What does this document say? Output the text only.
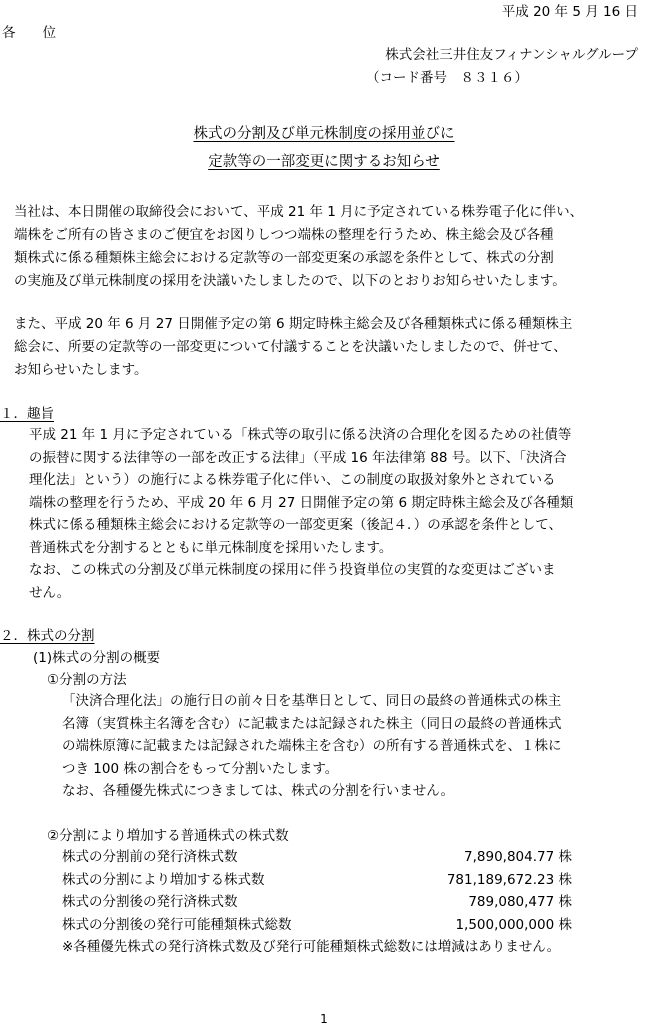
平成 20 年 5 月 16 日
各　　位
株式会社三井住友フィナンシャルグループ
（コード番号　８３１６）
株式の分割及び単元株制度の採用並びに
定款等の一部変更に関するお知らせ
当社は、本日開催の取締役会において、平成 21 年 1 月に予定されている株券電子化に伴い、
端株をご所有の皆さまのご便宜をお図りしつつ端株の整理を行うため、株主総会及び各種
類株式に係る種類株主総会における定款等の一部変更案の承認を条件として、株式の分割
の実施及び単元株制度の採用を決議いたしましたので、以下のとおりお知らせいたします。
また、平成 20 年 6 月 27 日開催予定の第 6 期定時株主総会及び各種類株式に係る種類株主
総会に、所要の定款等の一部変更について付議することを決議いたしましたので、併せて、
お知らせいたします。
１．趣旨
平成 21 年 1 月に予定されている「株式等の取引に係る決済の合理化を図るための社債等
の振替に関する法律等の一部を改正する法律」（平成 16 年法律第 88 号。以下、「決済合
理化法」という）の施行による株券電子化に伴い、この制度の取扱対象外とされている
端株の整理を行うため、平成 20 年 6 月 27 日開催予定の第 6 期定時株主総会及び各種類
株式に係る種類株主総会における定款等の一部変更案（後記４．）の承認を条件として、
普通株式を分割するとともに単元株制度を採用いたします。
なお、この株式の分割及び単元株制度の採用に伴う投資単位の実質的な変更はございま
せん。
２．株式の分割
(1)株式の分割の概要
①分割の方法
「決済合理化法」の施行日の前々日を基準日として、同日の最終の普通株式の株主
名簿（実質株主名簿を含む）に記載または記録された株主（同日の最終の普通株式
の端株原簿に記載または記録された端株主を含む）の所有する普通株式を、１株に
つき 100 株の割合をもって分割いたします。
なお、各種優先株式につきましては、株式の分割を行いません。
②分割により増加する普通株式の株式数
株式の分割前の発行済株式数	7,890,804.77 株
株式の分割により増加する株式数	781,189,672.23 株
株式の分割後の発行済株式数	789,080,477 株
株式の分割後の発行可能種類株式総数	1,500,000,000 株
※各種優先株式の発行済株式数及び発行可能種類株式総数には増減はありません。
1
